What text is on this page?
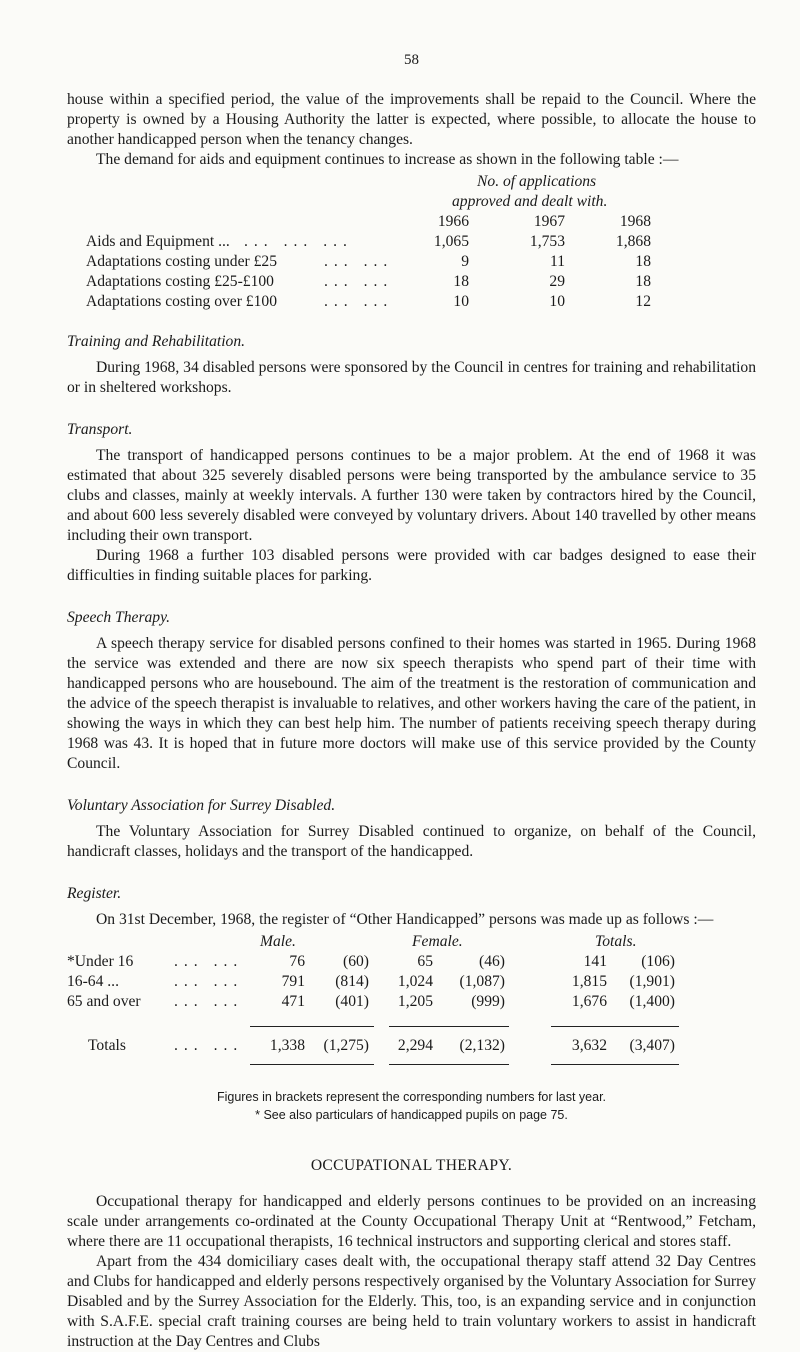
58

house within a specified period, the value of the improvements shall be repaid to the Council. Where the property is owned by a Housing Authority the latter is expected, where possible, to allocate the house to another handicapped person when the tenancy changes.

The demand for aids and equipment continues to increase as shown in the following table :—

No. of applications
approved and dealt with.
1966	1967	1968
Aids and Equipment ... ... ... ...	1,065	1,753	1,868
Adaptations costing under £25	... ...	9	11	18
Adaptations costing £25-£100	... ...	18	29	18
Adaptations costing over £100	... ...	10	10	12

Training and Rehabilitation.

During 1968, 34 disabled persons were sponsored by the Council in centres for training and rehabilitation or in sheltered workshops.

Transport.

The transport of handicapped persons continues to be a major problem. At the end of 1968 it was estimated that about 325 severely disabled persons were being transported by the ambulance service to 35 clubs and classes, mainly at weekly intervals. A further 130 were taken by contractors hired by the Council, and about 600 less severely disabled were conveyed by voluntary drivers. About 140 travelled by other means including their own transport.

During 1968 a further 103 disabled persons were provided with car badges designed to ease their difficulties in finding suitable places for parking.

Speech Therapy.

A speech therapy service for disabled persons confined to their homes was started in 1965. During 1968 the service was extended and there are now six speech therapists who spend part of their time with handicapped persons who are housebound. The aim of the treatment is the restoration of communication and the advice of the speech therapist is invaluable to relatives, and other workers having the care of the patient, in showing the ways in which they can best help him. The number of patients receiving speech therapy during 1968 was 43. It is hoped that in future more doctors will make use of this service provided by the County Council.

Voluntary Association for Surrey Disabled.

The Voluntary Association for Surrey Disabled continued to organize, on behalf of the Council, handicraft classes, holidays and the transport of the handicapped.

Register.

On 31st December, 1968, the register of “Other Handicapped” persons was made up as follows :—

Male.	Female.	Totals.
*Under 16	... ...	76	(60)	65	(46)	141	(106)
16-64 ...	... ...	791	(814)	1,024	(1,087)	1,815	(1,901)
65 and over ... ...	471	(401)	1,205	(999)	1,676	(1,400)
Totals	... ...	1,338	(1,275)	2,294	(2,132)	3,632	(3,407)
Figures in brackets represent the corresponding numbers for last year.
* See also particulars of handicapped pupils on page 75.
OCCUPATIONAL THERAPY.

Occupational therapy for handicapped and elderly persons continues to be provided on an increasing scale under arrangements co-ordinated at the County Occupational Therapy Unit at “Rentwood,” Fetcham, where there are 11 occupational therapists, 16 technical instructors and supporting clerical and stores staff.

Apart from the 434 domiciliary cases dealt with, the occupational therapy staff attend 32 Day Centres and Clubs for handicapped and elderly persons respectively organised by the Voluntary Association for Surrey Disabled and by the Surrey Association for the Elderly. This, too, is an expanding service and in conjunction with S.A.F.E. special craft training courses are being held to train voluntary workers to assist in handicraft instruction at the Day Centres and Clubs
